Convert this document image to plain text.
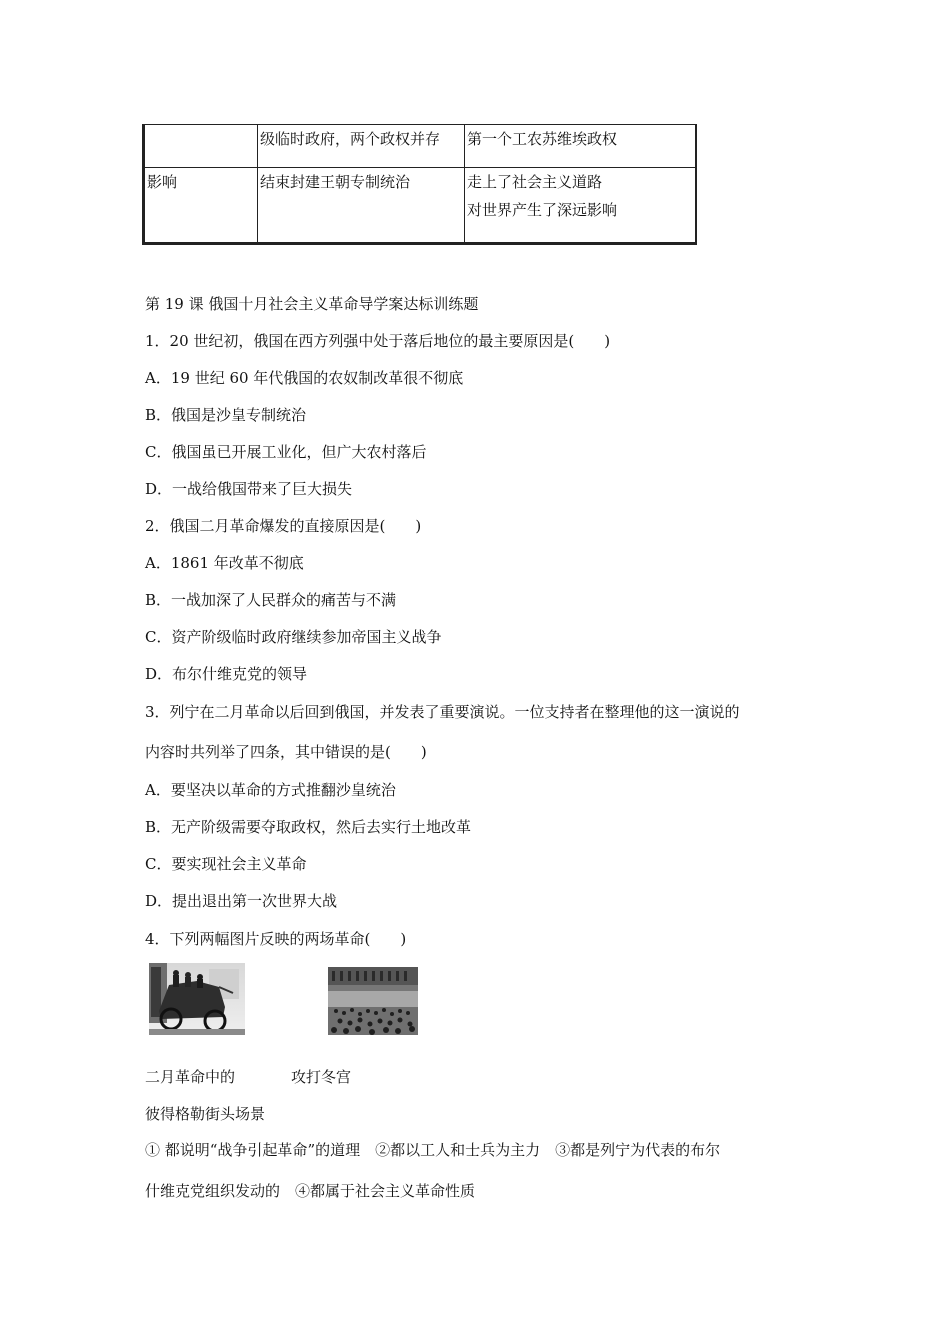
	级临时政府，两个政权并存	第一个工农苏维埃政权
影响	结束封建王朝专制统治	走上了社会主义道路
对世界产生了深远影响
第 19 课 俄国十月社会主义革命导学案达标训练题
1．20 世纪初，俄国在西方列强中处于落后地位的最主要原因是(　　)
A．19 世纪 60 年代俄国的农奴制改革很不彻底
B．俄国是沙皇专制统治
C．俄国虽已开展工业化，但广大农村落后
D．一战给俄国带来了巨大损失
2．俄国二月革命爆发的直接原因是(　　)
A．1861 年改革不彻底
B．一战加深了人民群众的痛苦与不满
C．资产阶级临时政府继续参加帝国主义战争
D．布尔什维克党的领导
3．列宁在二月革命以后回到俄国，并发表了重要演说。一位支持者在整理他的这一演说的
内容时共列举了四条，其中错误的是(　　)
A．要坚决以革命的方式推翻沙皇统治
B．无产阶级需要夺取政权，然后去实行土地改革
C．要实现社会主义革命
D．提出退出第一次世界大战
4．下列两幅图片反映的两场革命(　　)
二月革命中的	攻打冬宫
彼得格勒街头场景
① 都说明“战争引起革命”的道理　②都以工人和士兵为主力　③都是列宁为代表的布尔
什维克党组织发动的　④都属于社会主义革命性质
